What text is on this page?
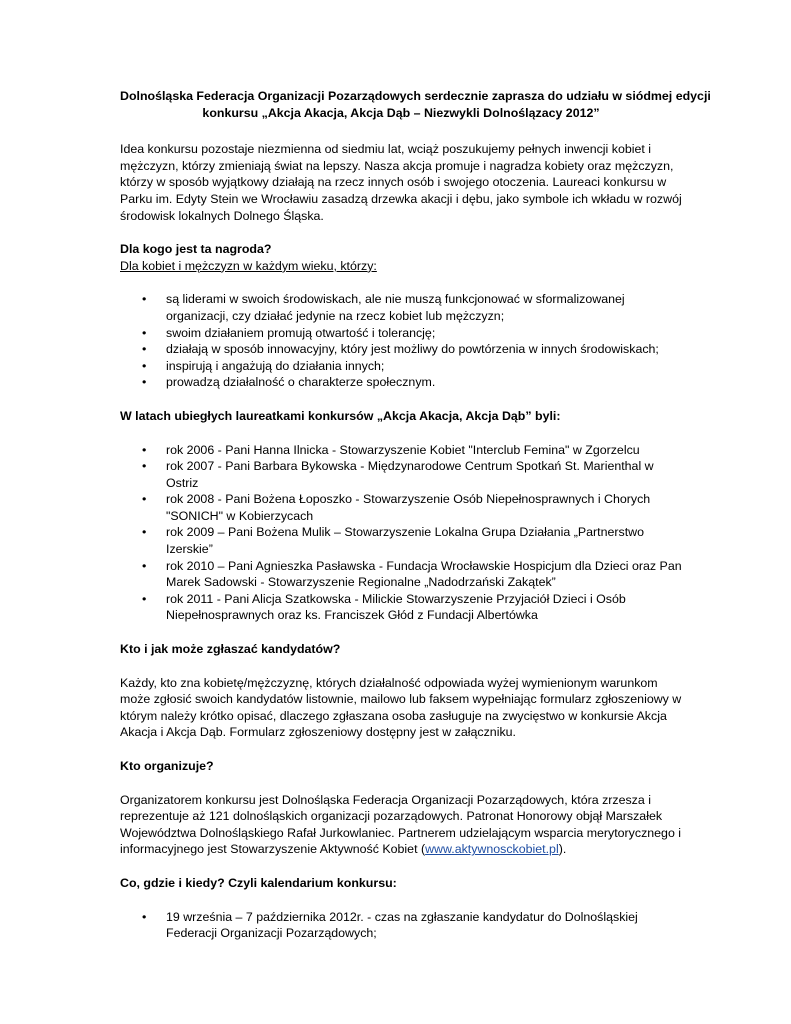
Dolnośląska Federacja Organizacji Pozarządowych serdecznie zaprasza do udziału w siódmej edycji
konkursu „Akcja Akacja, Akcja Dąb – Niezwykli Dolnoślązacy 2012”

Idea konkursu pozostaje niezmienna od siedmiu lat, wciąż poszukujemy pełnych inwencji kobiet i mężczyzn, którzy zmieniają świat na lepszy. Nasza akcja promuje i nagradza kobiety oraz mężczyzn, którzy w sposób wyjątkowy działają na rzecz innych osób i swojego otoczenia. Laureaci konkursu w Parku im. Edyty Stein we Wrocławiu zasadzą drzewka akacji i dębu, jako symbole ich wkładu w rozwój środowisk lokalnych Dolnego Śląska.

Dla kogo jest ta nagroda?

Dla kobiet i mężczyzn w każdym wieku, którzy:

• są liderami w swoich środowiskach, ale nie muszą funkcjonować w sformalizowanej organizacji, czy działać jedynie na rzecz kobiet lub mężczyzn;
• swoim działaniem promują otwartość i tolerancję;
• działają w sposób innowacyjny, który jest możliwy do powtórzenia w innych środowiskach;
• inspirują i angażują do działania innych;
• prowadzą działalność o charakterze społecznym.

W latach ubiegłych laureatkami konkursów „Akcja Akacja, Akcja Dąb” byli:

• rok 2006 - Pani Hanna Ilnicka - Stowarzyszenie Kobiet "Interclub Femina" w Zgorzelcu
• rok 2007 - Pani Barbara Bykowska - Międzynarodowe Centrum Spotkań St. Marienthal w Ostriz
• rok 2008 - Pani Bożena Łoposzko - Stowarzyszenie Osób Niepełnosprawnych i Chorych "SONICH" w Kobierzycach
• rok 2009 – Pani Bożena Mulik – Stowarzyszenie Lokalna Grupa Działania „Partnerstwo Izerskie”
• rok 2010 – Pani Agnieszka Pasławska - Fundacja Wrocławskie Hospicjum dla Dzieci oraz Pan Marek Sadowski - Stowarzyszenie Regionalne „Nadodrzański Zakątek”
• rok 2011 - Pani Alicja Szatkowska - Milickie Stowarzyszenie Przyjaciół Dzieci i Osób Niepełnosprawnych oraz ks. Franciszek Głód z Fundacji Albertówka

Kto i jak może zgłaszać kandydatów?

Każdy, kto zna kobietę/mężczyznę, których działalność odpowiada wyżej wymienionym warunkom może zgłosić swoich kandydatów listownie, mailowo lub faksem wypełniając formularz zgłoszeniowy w którym należy krótko opisać, dlaczego zgłaszana osoba zasługuje na zwycięstwo w konkursie Akcja Akacja i Akcja Dąb. Formularz zgłoszeniowy dostępny jest w załączniku.

Kto organizuje?

Organizatorem konkursu jest Dolnośląska Federacja Organizacji Pozarządowych, która zrzesza i reprezentuje aż 121 dolnośląskich organizacji pozarządowych. Patronat Honorowy objął Marszałek Województwa Dolnośląskiego Rafał Jurkowlaniec. Partnerem udzielającym wsparcia merytorycznego i informacyjnego jest Stowarzyszenie Aktywność Kobiet (www.aktywnosckobiet.pl).

Co, gdzie i kiedy? Czyli kalendarium konkursu:

• 19 września – 7 października 2012r. - czas na zgłaszanie kandydatur do Dolnośląskiej Federacji Organizacji Pozarządowych;
